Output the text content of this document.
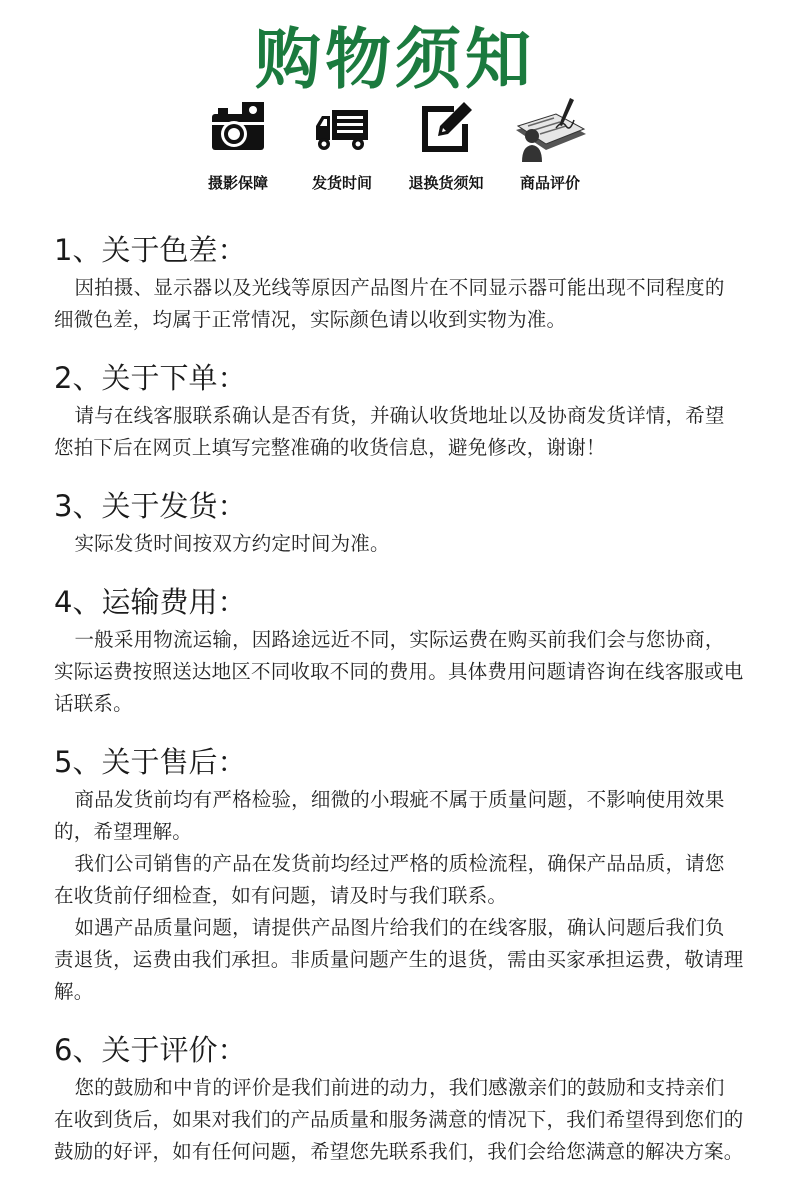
购物须知
摄影保障	发货时间	退换货须知	商品评价
1、关于色差：

因拍摄、显示器以及光线等原因产品图片在不同显示器可能出现不同程度的细微色差，均属于正常情况，实际颜色请以收到实物为准。

2、关于下单：

请与在线客服联系确认是否有货，并确认收货地址以及协商发货详情，希望您拍下后在网页上填写完整准确的收货信息，避免修改，谢谢！

3、关于发货：

实际发货时间按双方约定时间为准。

4、运输费用：

一般采用物流运输，因路途远近不同，实际运费在购买前我们会与您协商，实际运费按照送达地区不同收取不同的费用。具体费用问题请咨询在线客服或电话联系。

5、关于售后：

商品发货前均有严格检验，细微的小瑕疵不属于质量问题，不影响使用效果的，希望理解。

我们公司销售的产品在发货前均经过严格的质检流程，确保产品品质，请您在收货前仔细检查，如有问题，请及时与我们联系。

如遇产品质量问题，请提供产品图片给我们的在线客服，确认问题后我们负责退货，运费由我们承担。非质量问题产生的退货，需由买家承担运费，敬请理解。

6、关于评价：

您的鼓励和中肯的评价是我们前进的动力，我们感激亲们的鼓励和支持亲们在收到货后，如果对我们的产品质量和服务满意的情况下，我们希望得到您们的鼓励的好评，如有任何问题，希望您先联系我们，我们会给您满意的解决方案。
